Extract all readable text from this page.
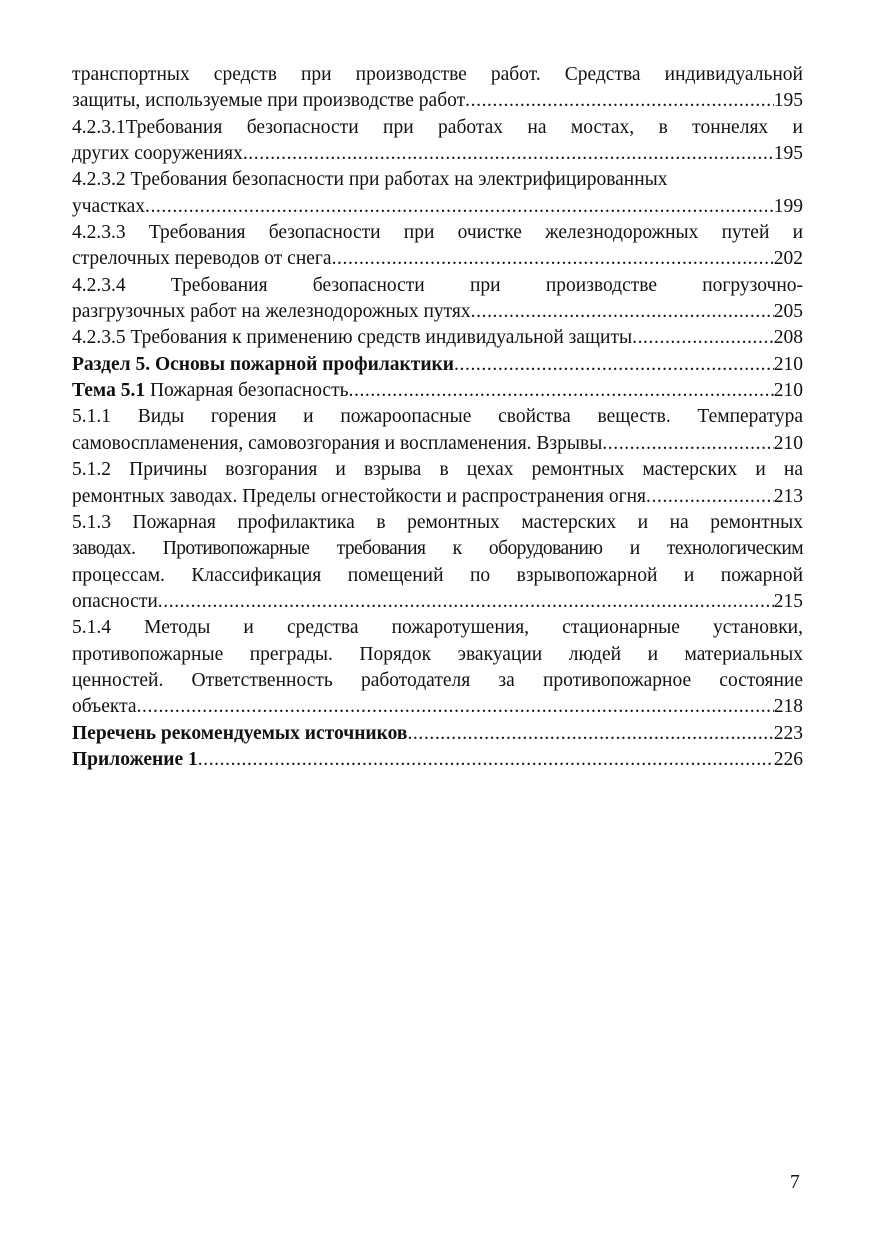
транспортных средств при производстве работ. Средства индивидуальной
защиты, используемые при производстве работ .....	195
4.2.3.1Требования безопасности при работах на мостах, в тоннелях и
других сооружениях .....	195
4.2.3.2 Требования безопасности при работах на электрифицированных
участках .....	199
4.2.3.3 Требования безопасности при очистке железнодорожных путей и
стрелочных переводов от снега .....	202
4.2.3.4 Требования безопасности при производстве погрузочно-
разгрузочных работ на железнодорожных путях .....	205
4.2.3.5 Требования к применению средств индивидуальной защиты .....	208
Раздел 5. Основы пожарной профилактики .....	210
Тема 5.1 Пожарная безопасность .....	210
5.1.1 Виды горения и пожароопасные свойства веществ. Температура
самовоспламенения, самовозгорания и воспламенения. Взрывы .....	210
5.1.2 Причины возгорания и взрыва в цехах ремонтных мастерских и на
ремонтных заводах. Пределы огнестойкости и распространения огня .....	213
5.1.3 Пожарная профилактика в ремонтных мастерских и на ремонтных
заводах. Противопожарные требования к оборудованию и технологическим
процессам. Классификация помещений по взрывопожарной и пожарной
опасности .....	215
5.1.4 Методы и средства пожаротушения, стационарные установки,
противопожарные преграды. Порядок эвакуации людей и материальных
ценностей. Ответственность работодателя за противопожарное состояние
объекта .....	218
Перечень рекомендуемых источников .....	223
Приложение 1 .....	226
7
